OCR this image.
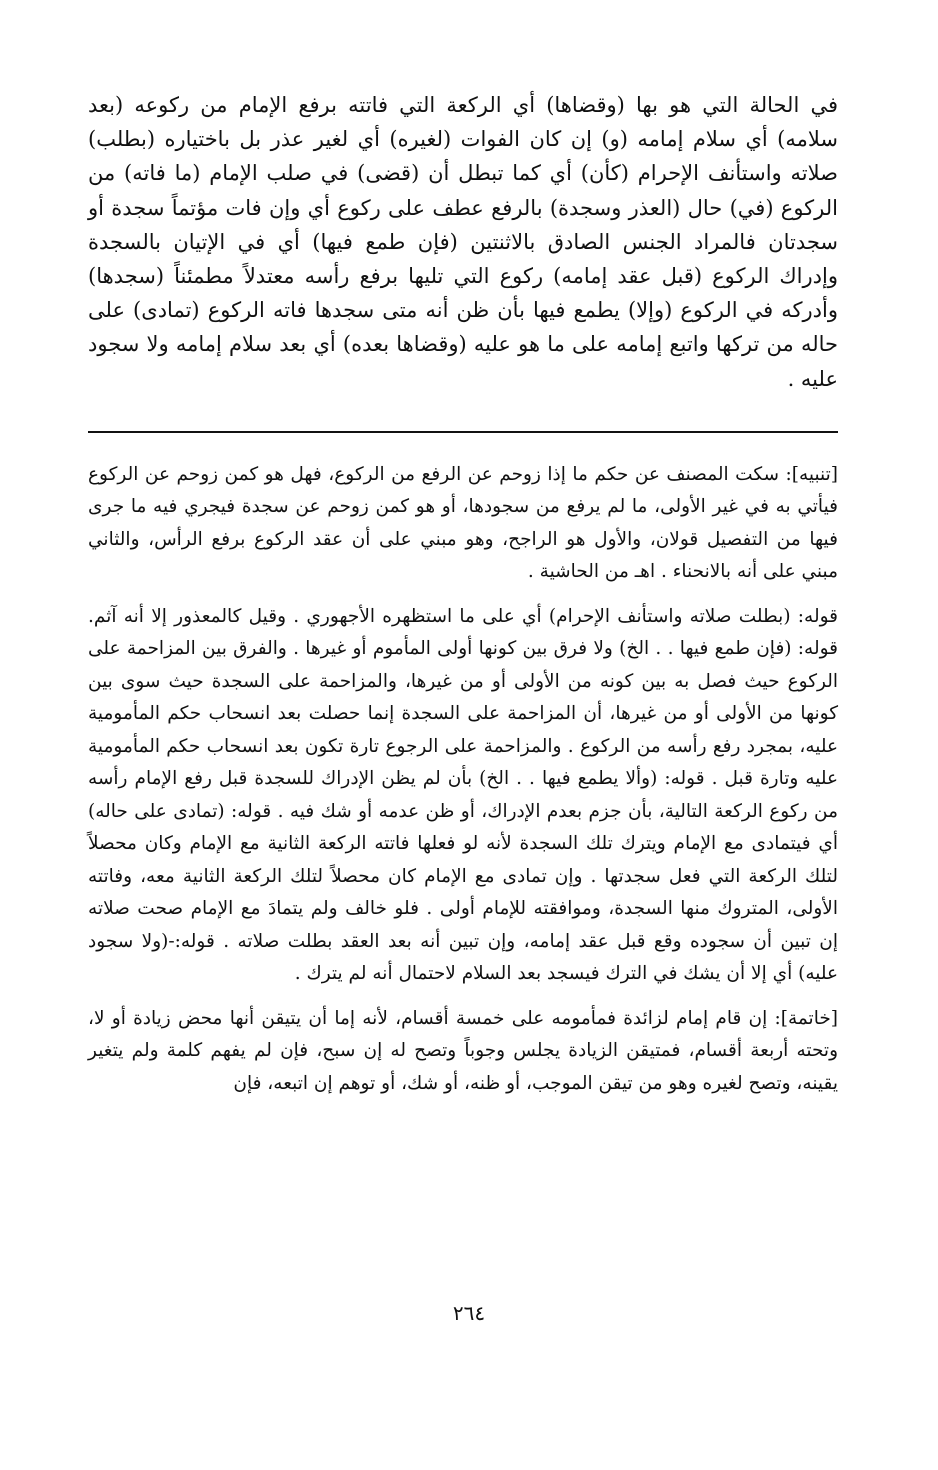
في الحالة التي هو بها (وقضاها) أي الركعة التي فاتته برفع الإمام من ركوعه (بعد سلامه) أي سلام إمامه (و) إن كان الفوات (لغيره) أي لغير عذر بل باختياره (بطلب) صلاته واستأنف الإحرام (كأن) أي كما تبطل أن (قضى) في صلب الإمام (ما فاته) من الركوع (في) حال (العذر وسجدة) بالرفع عطف على ركوع أي وإن فات مؤتماً سجدة أو سجدتان فالمراد الجنس الصادق بالاثنتين (فإن طمع فيها) أي في الإتيان بالسجدة وإدراك الركوع (قبل عقد إمامه) ركوع التي تليها برفع رأسه معتدلاً مطمئناً (سجدها) وأدركه في الركوع (وإلا) يطمع فيها بأن ظن أنه متى سجدها فاته الركوع (تمادى) على حاله من تركها واتبع إمامه على ما هو عليه (وقضاها بعده) أي بعد سلام إمامه ولا سجود عليه .

[تنبيه]: سكت المصنف عن حكم ما إذا زوحم عن الرفع من الركوع، فهل هو كمن زوحم عن الركوع فيأتي به في غير الأولى، ما لم يرفع من سجودها، أو هو كمن زوحم عن سجدة فيجري فيه ما جرى فيها من التفصيل قولان، والأول هو الراجح، وهو مبني على أن عقد الركوع برفع الرأس، والثاني مبني على أنه بالانحناء . اهـ من الحاشية .

قوله: (بطلت صلاته واستأنف الإحرام) أي على ما استظهره الأجهوري . وقيل كالمعذور إلا أنه آثم. قوله: (فإن طمع فيها . . الخ) ولا فرق بين كونها أولى المأموم أو غيرها . والفرق بين المزاحمة على الركوع حيث فصل به بين كونه من الأولى أو من غيرها، والمزاحمة على السجدة حيث سوى بين كونها من الأولى أو من غيرها، أن المزاحمة على السجدة إنما حصلت بعد انسحاب حكم المأمومية عليه، بمجرد رفع رأسه من الركوع . والمزاحمة على الرجوع تارة تكون بعد انسحاب حكم المأمومية عليه وتارة قبل . قوله: (وألا يطمع فيها . . الخ) بأن لم يظن الإدراك للسجدة قبل رفع الإمام رأسه من ركوع الركعة التالية، بأن جزم بعدم الإدراك، أو ظن عدمه أو شك فيه . قوله: (تمادى على حاله) أي فيتمادى مع الإمام ويترك تلك السجدة لأنه لو فعلها فاتته الركعة الثانية مع الإمام وكان محصلاً لتلك الركعة التي فعل سجدتها . وإن تمادى مع الإمام كان محصلاً لتلك الركعة الثانية معه، وفاتته الأولى، المتروك منها السجدة، وموافقته للإمام أولى . فلو خالف ولم يتمادَ مع الإمام صحت صلاته إن تبين أن سجوده وقع قبل عقد إمامه، وإن تبين أنه بعد العقد بطلت صلاته . قوله:-(ولا سجود عليه) أي إلا أن يشك في الترك فيسجد بعد السلام لاحتمال أنه لم يترك .

[خاتمة]: إن قام إمام لزائدة فمأمومه على خمسة أقسام، لأنه إما أن يتيقن أنها محض زيادة أو لا، وتحته أربعة أقسام، فمتيقن الزيادة يجلس وجوباً وتصح له إن سبح، فإن لم يفهم كلمة ولم يتغير يقينه، وتصح لغيره وهو من تيقن الموجب، أو ظنه، أو شك، أو توهم إن اتبعه، فإن

٢٦٤
